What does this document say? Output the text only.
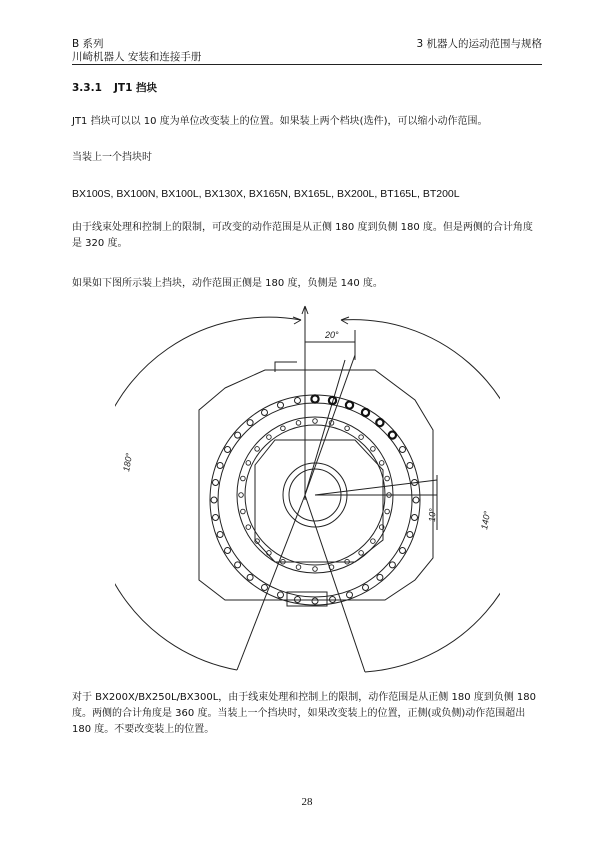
B 系列
川崎机器人 安装和连接手册
3 机器人的运动范围与规格
3.3.1 JT1 挡块
JT1 挡块可以以 10 度为单位改变装上的位置。如果装上两个档块(选件)，可以缩小动作范围。
当装上一个挡块时
BX100S, BX100N, BX100L, BX130X, BX165N, BX165L, BX200L, BT165L, BT200L
由于线束处理和控制上的限制，可改变的动作范围是从正侧 180 度到负侧 180 度。但是两侧的合计角度是 320 度。
如果如下图所示装上挡块，动作范围正侧是 180 度，负侧是 140 度。
20°
180°
140°
10°
对于 BX200X/BX250L/BX300L，由于线束处理和控制上的限制，动作范围是从正侧 180 度到负侧 180 度。两侧的合计角度是 360 度。当装上一个挡块时，如果改变装上的位置，正侧(或负侧)动作范围超出 180 度。不要改变装上的位置。
28
